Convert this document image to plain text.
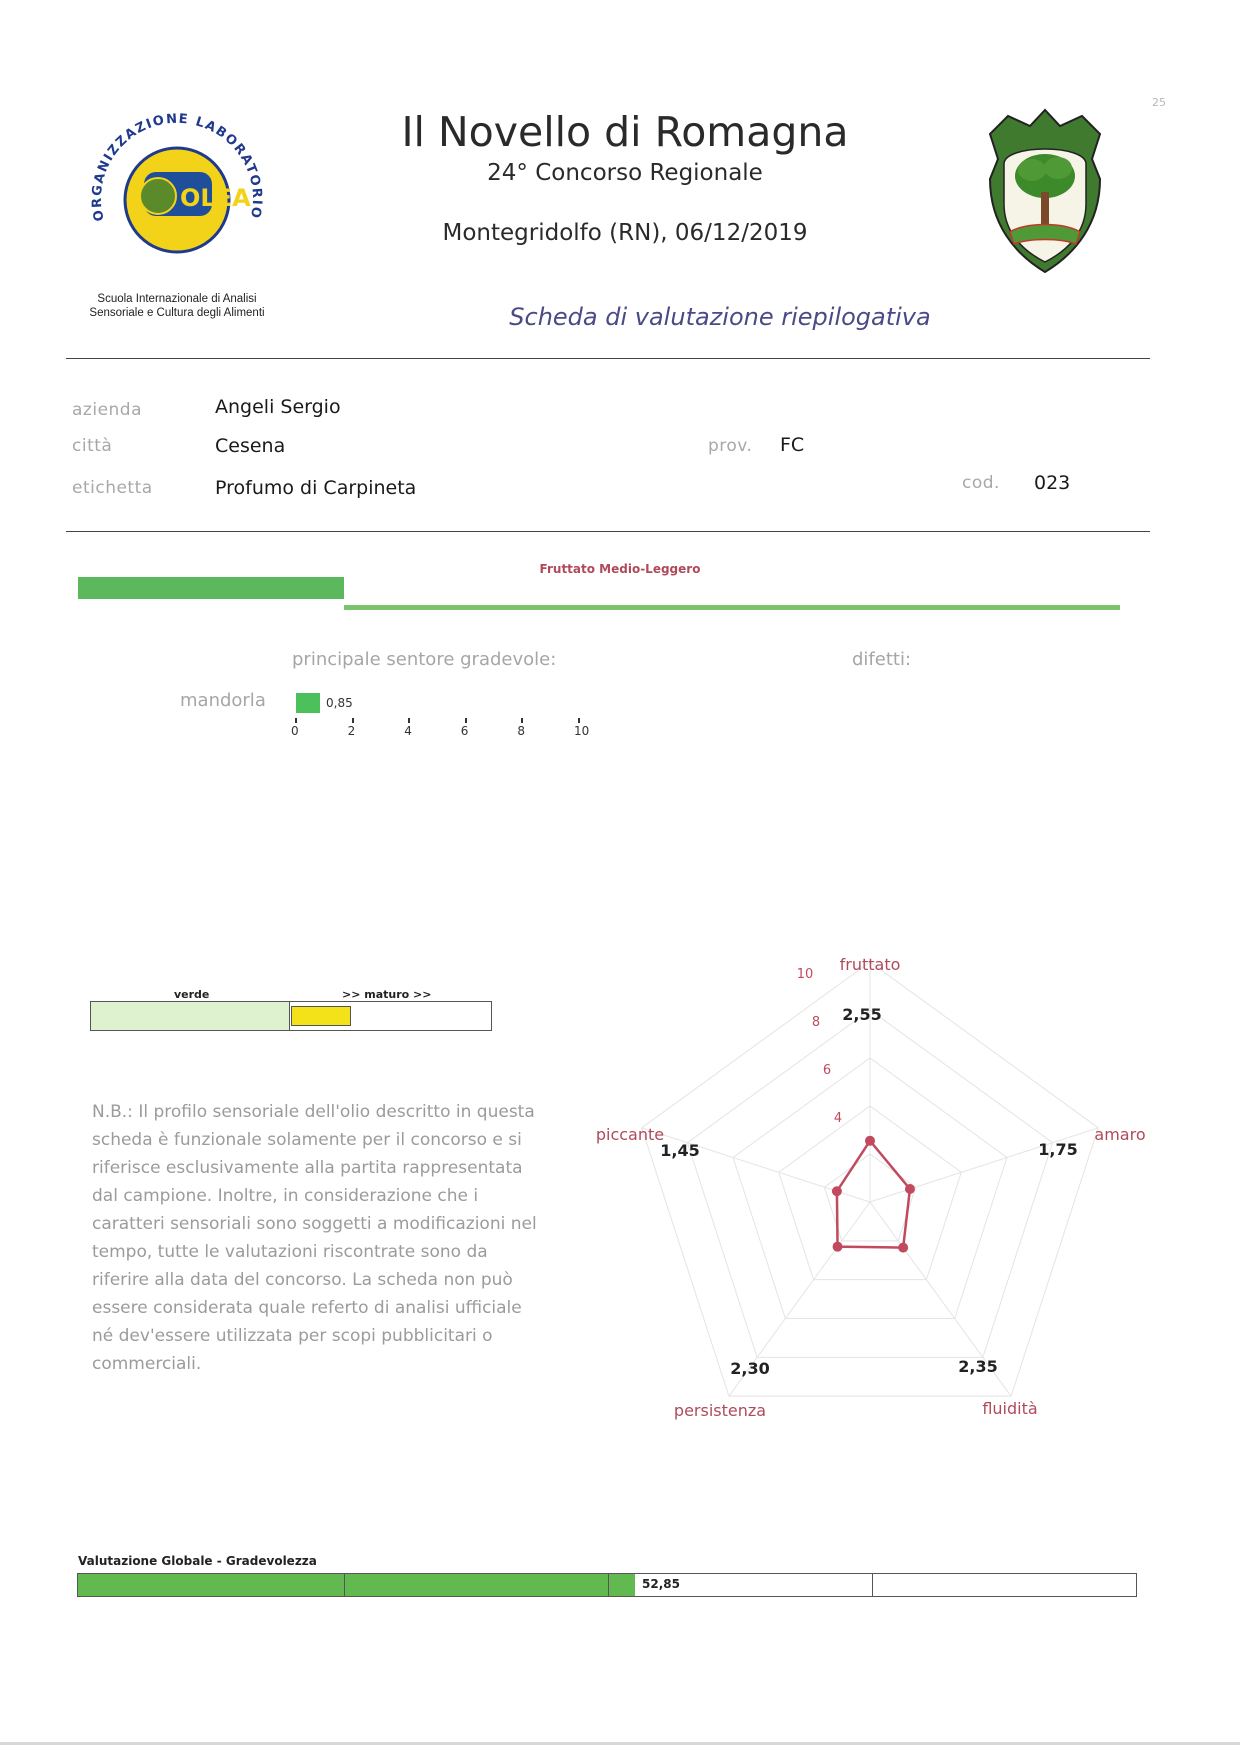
25
ORGANIZZAZIONE LABORATORIO
OLEA
Scuola Internazionale di Analisi
Sensoriale e Cultura degli Alimenti
Il Novello di Romagna
24° Concorso Regionale
Montegridolfo (RN), 06/12/2019
Scheda di valutazione riepilogativa
azienda	Angeli Sergio
città	Cesena	prov. FC
etichetta	Profumo di Carpineta	cod. 023
Fruttato Medio-Leggero
principale sentore gradevole:	difetti:
mandorla	0,85
0	2	4	6	8	10
verde	>> maturo >>
N.B.: Il profilo sensoriale dell'olio descritto in questa scheda è funzionale solamente per il concorso e si riferisce esclusivamente alla partita rappresentata dal campione. Inoltre, in considerazione che i caratteri sensoriali sono soggetti a modificazioni nel tempo, tutte le valutazioni riscontrate sono da riferire alla data del concorso. La scheda non può essere considerata quale referto di analisi ufficiale né dev'essere utilizzata per scopi pubblicitari o commerciali.
4
6
8
10
fruttato
2,55
amaro
1,75
fluidità
2,35
persistenza
2,30
piccante
1,45
Valutazione Globale - Gradevolezza
52,85
